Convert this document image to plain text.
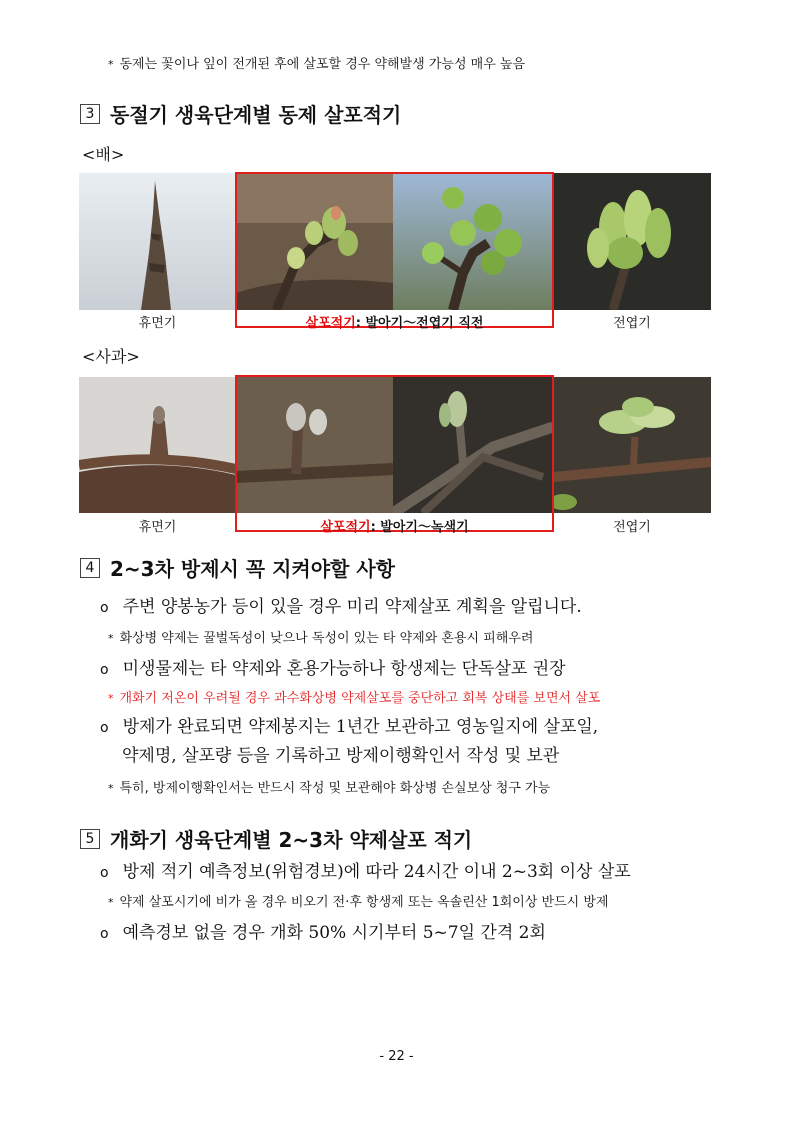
* 동제는 꽃이나 잎이 전개된 후에 살포할 경우 약해발생 가능성 매우 높음
3 동절기 생육단계별 동제 살포적기
<배>
휴면기	살포적기: 발아기～전엽기 직전	전엽기
<사과>
휴면기	살포적기: 발아기～녹색기	전엽기
4 2~3차 방제시 꼭 지켜야할 사항
o 주변 양봉농가 등이 있을 경우 미리 약제살포 계획을 알립니다.
* 화상병 약제는 꿀벌독성이 낮으나 독성이 있는 타 약제와 혼용시 피해우려
o 미생물제는 타 약제와 혼용가능하나 항생제는 단독살포 권장
* 개화기 저온이 우려될 경우 과수화상병 약제살포를 중단하고 회복 상태를 보면서 살포
o 방제가 완료되면 약제봉지는 1년간 보관하고 영농일지에 살포일,
약제명, 살포량 등을 기록하고 방제이행확인서 작성 및 보관
* 특히, 방제이행확인서는 반드시 작성 및 보관해야 화상병 손실보상 청구 가능
5 개화기 생육단계별 2~3차 약제살포 적기
o 방제 적기 예측정보(위험경보)에 따라 24시간 이내 2~3회 이상 살포
* 약제 살포시기에 비가 올 경우 비오기 전·후 항생제 또는 옥솔린산 1회이상 반드시 방제
o 예측경보 없을 경우 개화 50% 시기부터 5~7일 간격 2회
- 22 -
